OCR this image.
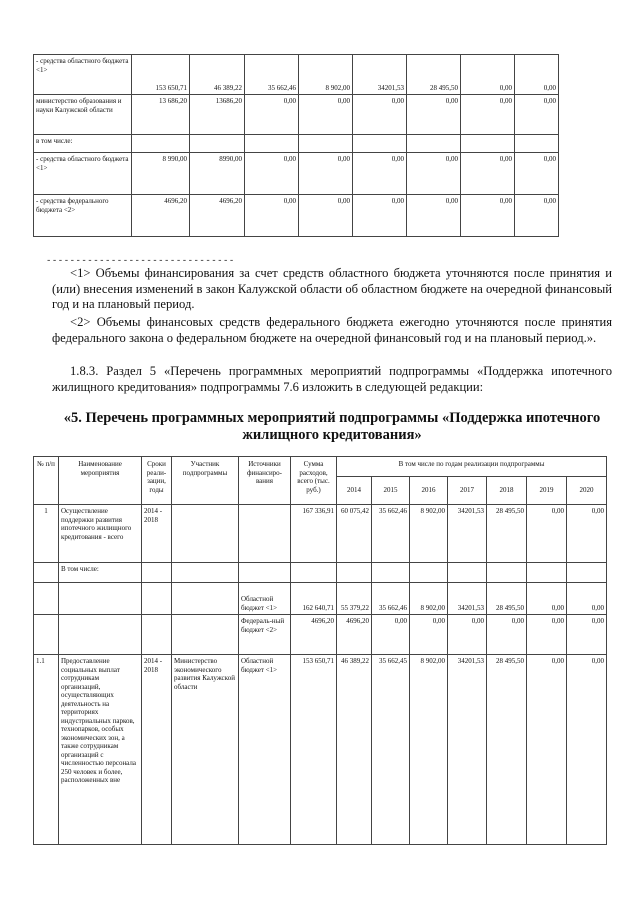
- средства областного бюджета <1>	153 650,71	46 389,22	35 662,46	8 902,00	34201,53	28 495,50	0,00	0,00
министерство образования и науки Калужской области	13 686,20	13686,20	0,00	0,00	0,00	0,00	0,00	0,00
в том числе:								
- средства областного бюджета <1>	8 990,00	8990,00	0,00	0,00	0,00	0,00	0,00	0,00
- средства федерального бюджета <2>	4696,20	4696,20	0,00	0,00	0,00	0,00	0,00	0,00
--------------------------------

<1> Объемы финансирования за счет средств областного бюджета уточняются после принятия и (или) внесения изменений в закон Калужской области об областном бюджете на очередной финансовый год и на плановый период.

<2> Объемы финансовых средств федерального бюджета ежегодно уточняются после принятия федерального закона о федеральном бюджете на очередной финансовый год и на плановый период.».

1.8.3. Раздел 5 «Перечень программных мероприятий подпрограммы «Поддержка ипотечного жилищного кредитования» подпрограммы 7.6 изложить в следующей редакции:

«5. Перечень программных мероприятий подпрограммы «Поддержка ипотечного жилищного кредитования»
№ п/п	Наименование мероприятия	Сроки реали-зации, годы	Участник подпрограммы	Источники финансиро-вания	Сумма расходов, всего (тыс. руб.)	В том числе по годам реализации подпрограммы						
						2014	2015	2016	2017	2018	2019	2020
1	Осуществление поддержки развития ипотечного жилищного кредитования - всего	2014 - 2018			167 336,91	60 075,42	35 662,46	8 902,00	34201,53	28 495,50	0,00	0,00
	В том числе:											
				Областной бюджет <1>	162 640,71	55 379,22	35 662,46	8 902,00	34201,53	28 495,50	0,00	0,00
				Федераль-ный бюджет <2>	4696,20	4696,20	0,00	0,00	0,00	0,00	0,00	0,00
1.1	Предоставление социальных выплат сотрудникам организаций, осуществляющих деятельность на территориях индустриальных парков, технопарков, особых экономических зон, а также сотрудникам организаций с численностью персонала 250 человек и более, расположенных вне	2014 - 2018	Министерство экономического развития Калужской области	Областной бюджет <1>	153 650,71	46 389,22	35 662,45	8 902,00	34201,53	28 495,50	0,00	0,00
